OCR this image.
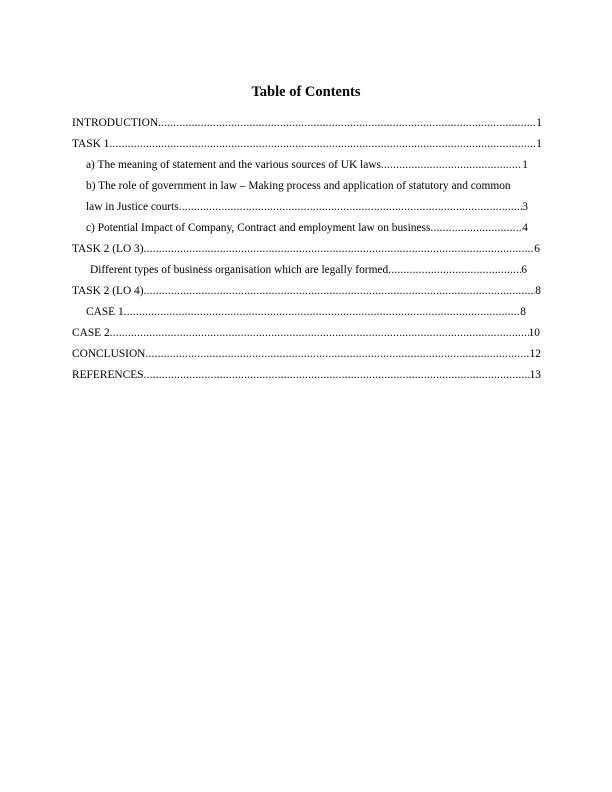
Table of Contents
INTRODUCTION .....	1
TASK 1 .....	1
a) The meaning of statement and the various sources of UK laws .....	1
b) The role of government in law – Making process and application of statutory and common
law in Justice courts .....	3
c) Potential Impact of Company, Contract and employment law on business .....	4
TASK 2 (LO 3) .....	6
Different types of business organisation which are legally formed .....	6
TASK 2 (LO 4) .....	8
CASE 1 .....	8
CASE 2 .....	10
CONCLUSION .....	12
REFERENCES .....	13
